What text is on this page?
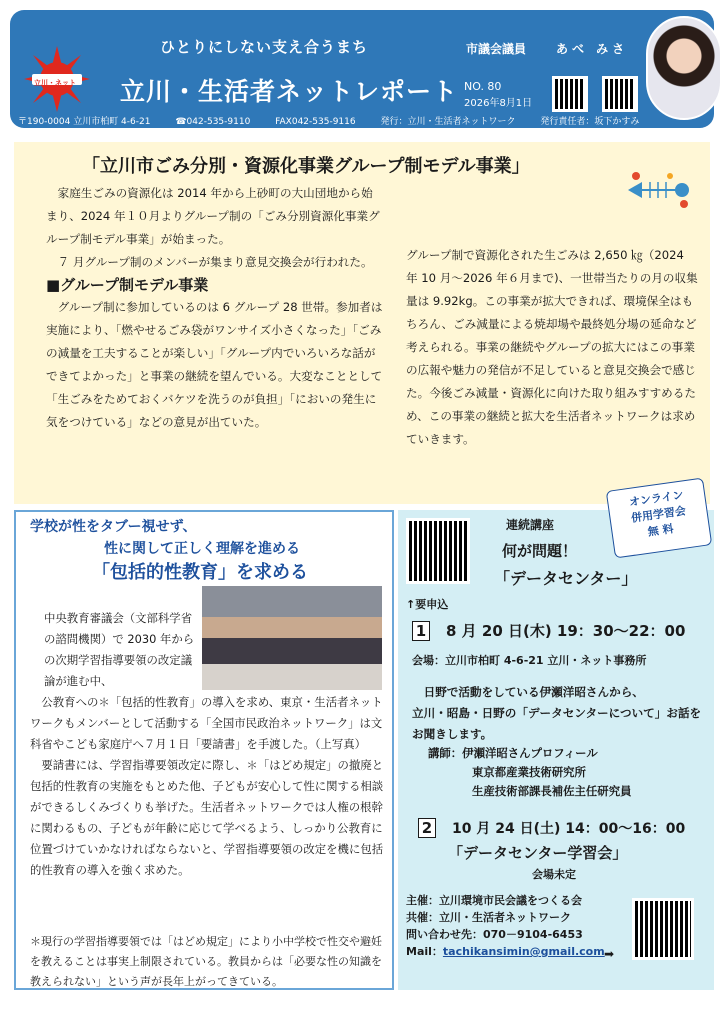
立川・ネット
ひとりにしない支え合うまち
立川・生活者ネットレポート
市議会議員 あべ みさ
NO. 80
2026年8月1日
〒190-0004 立川市柏町 4-6-21	☎042-535-9110	FAX042-535-9116	発行：立川・生活者ネットワーク	発行責任者：坂下かすみ
「立川市ごみ分別・資源化事業グループ制モデル事業」

家庭生ごみの資源化は 2014 年から上砂町の大山団地から始まり、2024 年１０月よりグループ制の「ごみ分別資源化事業グループ制モデル事業」が始まった。

７ 月グループ制のメンバーが集まり意見交換会が行われた。

■グループ制モデル事業

グループ制に参加しているのは 6 グループ 28 世帯。参加者は実施により、「燃やせるごみ袋がワンサイズ小さくなった」「ごみの減量を工夫することが楽しい」「グループ内でいろいろな話ができてよかった」と事業の継続を望んでいる。大変なこととして「生ごみをためておくバケツを洗うのが負担」「においの発生に気をつけている」などの意見が出ていた。

グループ制で資源化された生ごみは 2,650 ㎏（2024 年 10 月～2026 年６月まで)、一世帯当たりの月の収集量は 9.92kg。この事業が拡大できれば、環境保全はもちろん、ごみ減量による焼却場や最終処分場の延命など考えられる。事業の継続やグループの拡大にはこの事業の広報や魅力の発信が不足していると意見交換会で感じた。今後ごみ減量・資源化に向けた取り組みすすめるため、この事業の継続と拡大を生活者ネットワークは求めていきます。

学校が性をタブー視せず、
性に関して正しく理解を進める
「包括的性教育」を求める
中央教育審議会（文部科学省の諮問機関）で 2030 年からの次期学習指導要領の改定議論が進む中、

公教育への＊「包括的性教育」の導入を求め、東京・生活者ネットワークもメンバーとして活動する「全国市民政治ネットワーク」は文科省やこども家庭庁へ７月１日「要請書」を手渡した。（上写真）

要請書には、学習指導要領改定に際し、＊「はどめ規定」の撤廃と包括的性教育の実施をもとめた他、子どもが安心して性に関する相談ができるしくみづくりも挙げた。生活者ネットワークでは人権の根幹に関わるもの、子どもが年齢に応じて学べるよう、しっかり公教育に位置づけていかなければならないと、学習指導要領の改定を機に包括的性教育の導入を強く求めた。

＊現行の学習指導要領では「はどめ規定」により小中学校で性交や避妊を教えることは事実上制限されている。教員からは「必要な性の知識を教えられない」という声が長年上がってきている。
オンライン
併用学習会
無 料
連続講座
何が問題！
「データセンター」
↑要申込
1 8 月 20 日(木) 19：30～22：00
会場：立川市柏町 4-6-21 立川・ネット事務所

日野で活動をしている伊瀬洋昭さんから、

立川・昭島・日野の「データセンターについて」お話をお聞きします。

講師：伊瀬洋昭さんプロフィール
東京都産業技術研究所
生産技術部課長補佐主任研究員
2 10 月 24 日(土) 14：00～16：00
「データセンター学習会」
会場未定
主催：立川環境市民会議をつくる会
共催：立川・生活者ネットワーク
問い合わせ先：070－9104-6453
Mail：tachikansimin@gmail.com ➡
